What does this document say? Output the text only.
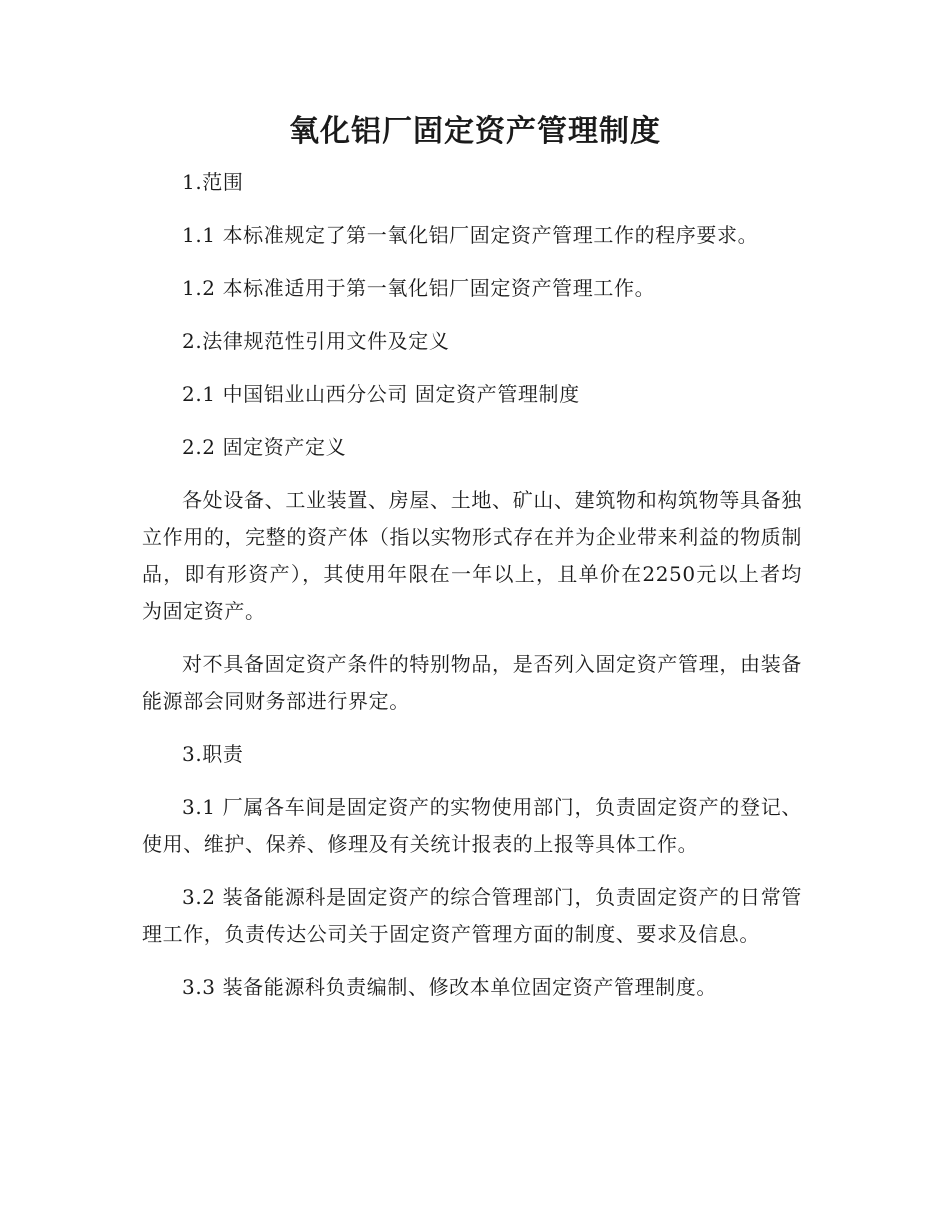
氧化铝厂固定资产管理制度

1.范围

1.1 本标准规定了第一氧化铝厂固定资产管理工作的程序要求。

1.2 本标准适用于第一氧化铝厂固定资产管理工作。

2.法律规范性引用文件及定义

2.1 中国铝业山西分公司 固定资产管理制度

2.2 固定资产定义

各处设备、工业装置、房屋、土地、矿山、建筑物和构筑物等具备独立作用的，完整的资产体（指以实物形式存在并为企业带来利益的物质制品，即有形资产），其使用年限在一年以上，且单价在2250元以上者均为固定资产。

对不具备固定资产条件的特别物品，是否列入固定资产管理，由装备能源部会同财务部进行界定。

3.职责

3.1 厂属各车间是固定资产的实物使用部门，负责固定资产的登记、使用、维护、保养、修理及有关统计报表的上报等具体工作。

3.2 装备能源科是固定资产的综合管理部门，负责固定资产的日常管理工作，负责传达公司关于固定资产管理方面的制度、要求及信息。

3.3 装备能源科负责编制、修改本单位固定资产管理制度。
